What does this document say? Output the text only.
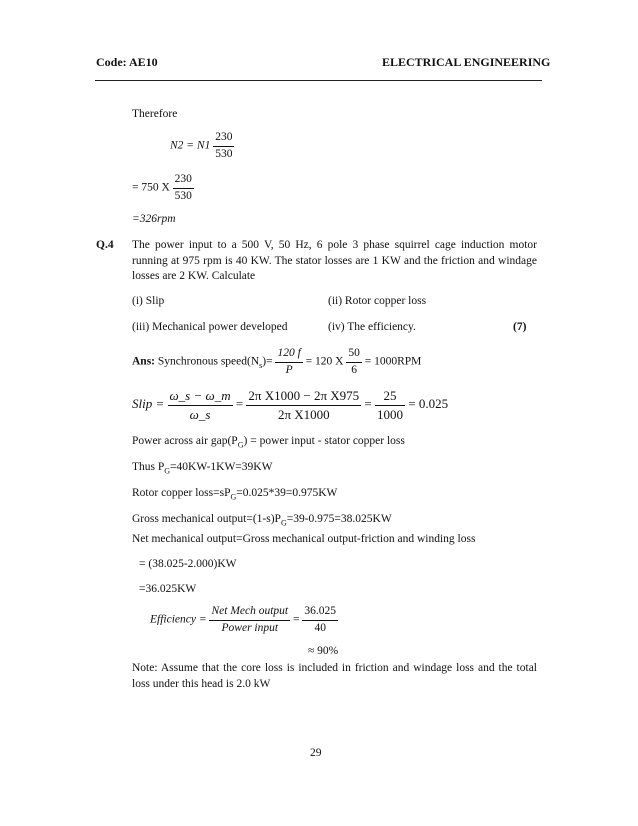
Code: AE10	ELECTRICAL ENGINEERING
Therefore
$N2 = N1 \frac{230}{530}$
= 750 X $\frac{230}{530}$
=326rpm
Q.4 The power input to a 500 V, 50 Hz, 6 pole 3 phase squirrel cage induction motor running at 975 rpm is 40 KW. The stator losses are 1 KW and the friction and windage losses are 2 KW. Calculate
(i) Slip	(ii) Rotor copper loss
(iii) Mechanical power developed	(iv) The efficiency.	(7)
Ans: Synchronous $speed(N_s)= \frac{120 f}{P} = 120$ X $\frac{50}{6} = 1000RPM$
Slip = $\frac{\omega\_s - \omega\_m}{\omega\_s} = \frac{\text{2π X1000 − 2π X975}}{\text{2π X1000}} = \frac{25}{1000} = 0.025$
Power across air $gap(P_G)$ = power input - stator copper loss
Thus $P_G=40KW-1KW=39KW$
Rotor copper $loss=sP_G=0.025*39=0.975KW$
Gross mechanical $output=(1-s)P_G=39-0.975=38.025KW$
Net mechanical output=Gross mechanical output-friction and winding loss
= (38.025-2.000)KW
=36.025KW
Efficiency = $\frac{\text{Net Mech output}}{\text{Power input}} = \frac{36.025}{40}$
≈ 90%
Note: Assume that the core loss is included in friction and windage loss and the total loss under this head is 2.0 kW
29
